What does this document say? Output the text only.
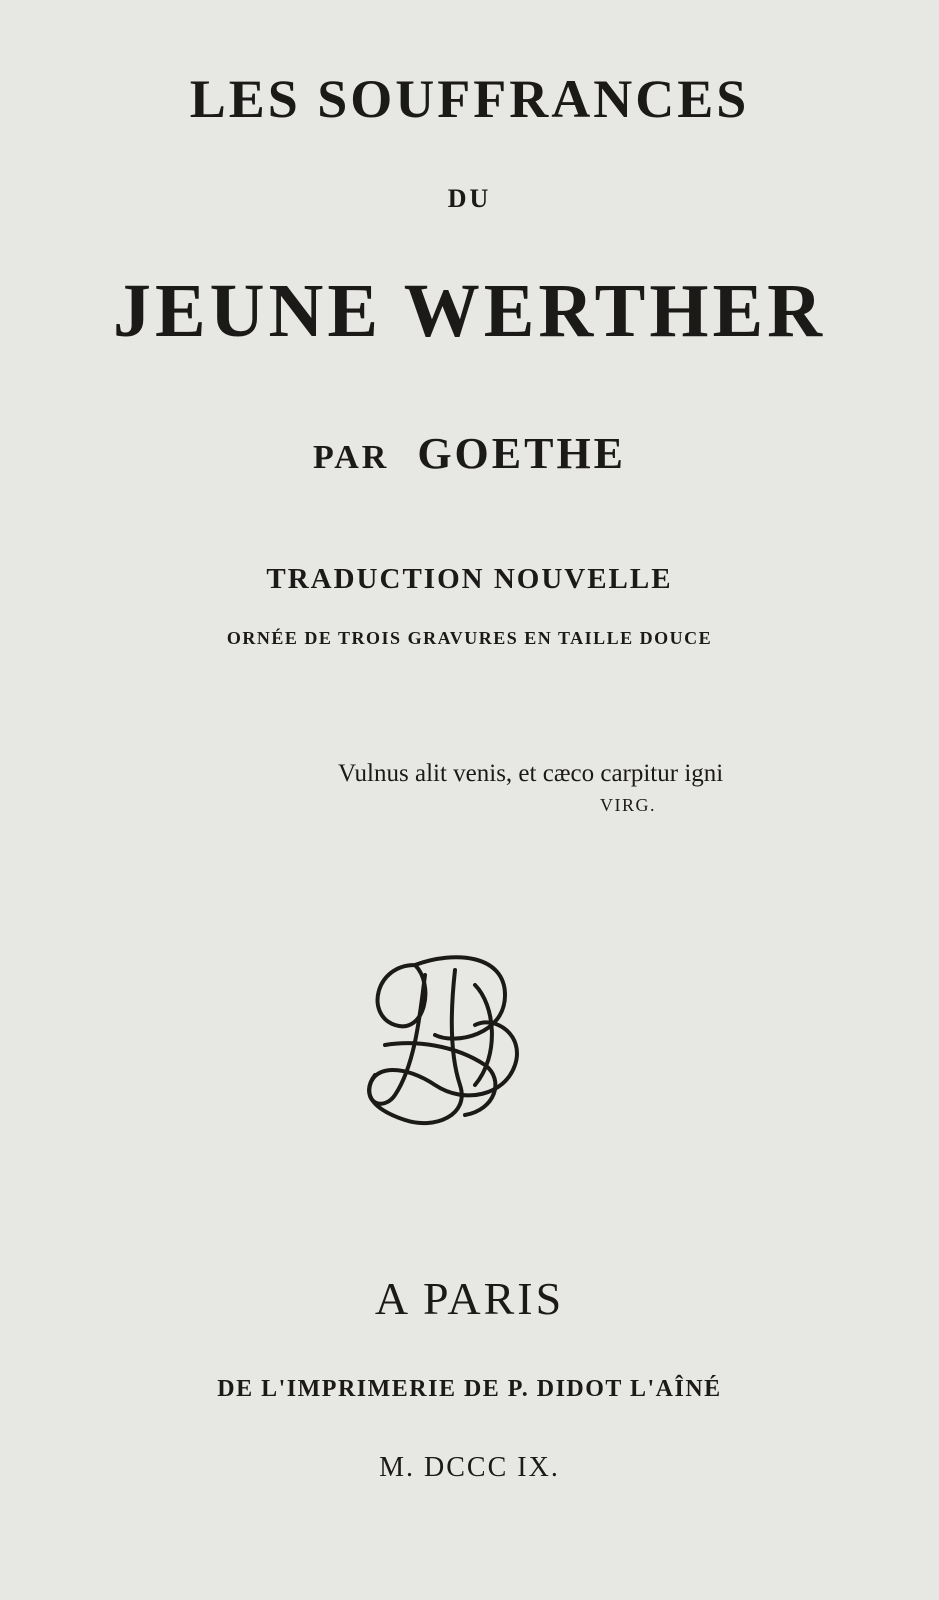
LES SOUFFRANCES
DU
JEUNE WERTHER
PAR GOETHE
TRADUCTION NOUVELLE
ORNÉE DE TROIS GRAVURES EN TAILLE DOUCE
Vulnus alit venis, et cæco carpitur igni
VIRG.
A PARIS
DE L'IMPRIMERIE DE P. DIDOT L'AÎNÉ
M. DCCC IX.
